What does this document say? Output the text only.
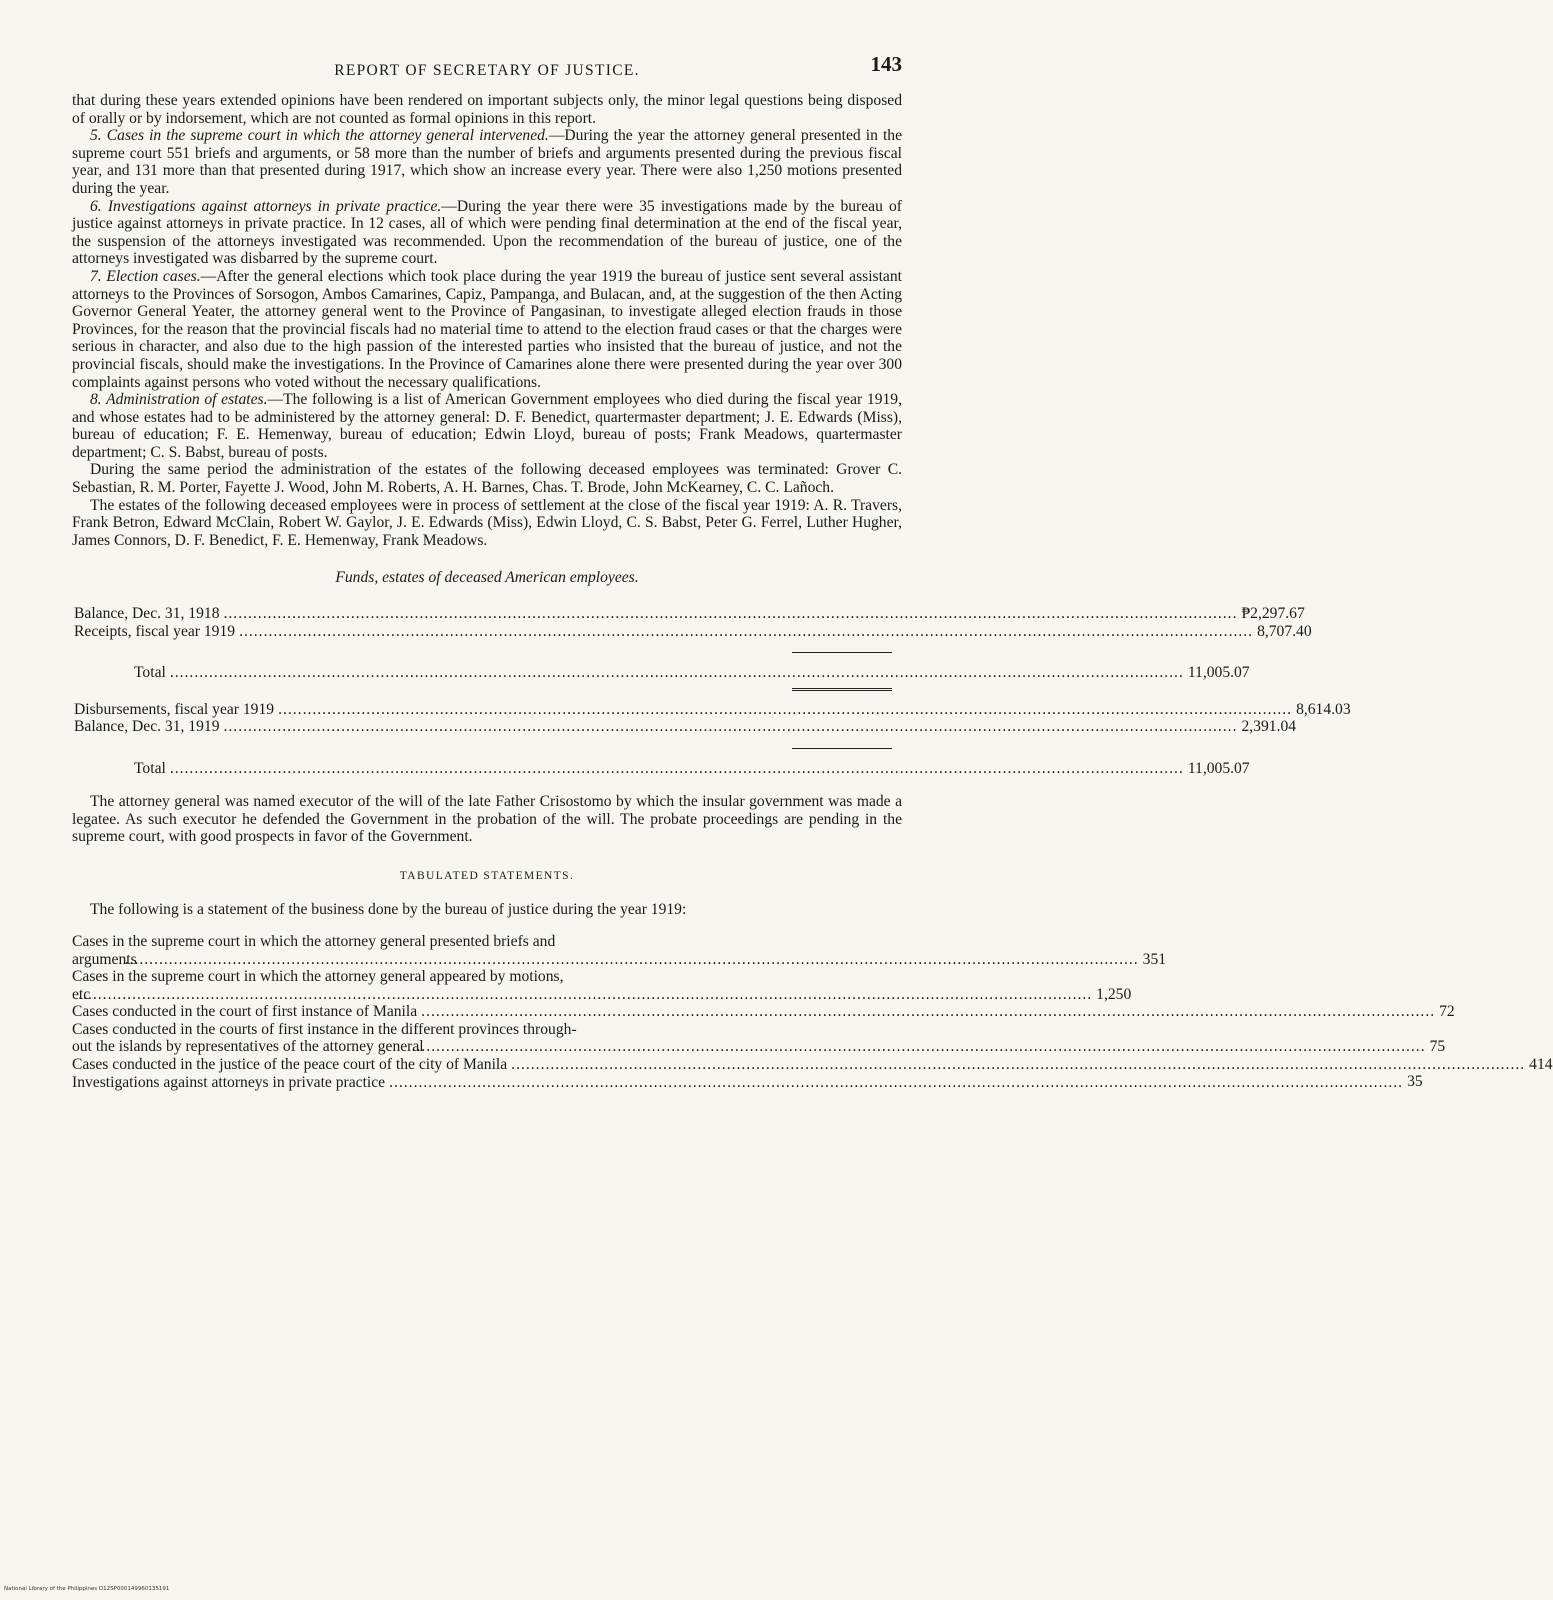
REPORT OF SECRETARY OF JUSTICE.	143

that during these years extended opinions have been rendered on important subjects only, the minor legal questions being disposed of orally or by indorsement, which are not counted as formal opinions in this report.

5. Cases in the supreme court in which the attorney general intervened.—During the year the attorney general presented in the supreme court 551 briefs and arguments, or 58 more than the number of briefs and arguments presented during the previous fiscal year, and 131 more than that presented during 1917, which show an increase every year. There were also 1,250 motions presented during the year.

6. Investigations against attorneys in private practice.—During the year there were 35 investigations made by the bureau of justice against attorneys in private practice. In 12 cases, all of which were pending final determination at the end of the fiscal year, the suspension of the attorneys investigated was recommended. Upon the recommendation of the bureau of justice, one of the attorneys investigated was disbarred by the supreme court.

7. Election cases.—After the general elections which took place during the year 1919 the bureau of justice sent several assistant attorneys to the Provinces of Sorsogon, Ambos Camarines, Capiz, Pampanga, and Bulacan, and, at the suggestion of the then Acting Governor General Yeater, the attorney general went to the Province of Pangasinan, to investigate alleged election frauds in those Provinces, for the reason that the provincial fiscals had no material time to attend to the election fraud cases or that the charges were serious in character, and also due to the high passion of the interested parties who insisted that the bureau of justice, and not the provincial fiscals, should make the investigations. In the Province of Camarines alone there were presented during the year over 300 complaints against persons who voted without the necessary qualifications.

8. Administration of estates.—The following is a list of American Government employees who died during the fiscal year 1919, and whose estates had to be administered by the attorney general: D. F. Benedict, quartermaster department; J. E. Edwards (Miss), bureau of education; F. E. Hemenway, bureau of education; Edwin Lloyd, bureau of posts; Frank Meadows, quartermaster department; C. S. Babst, bureau of posts.

During the same period the administration of the estates of the following deceased employees was terminated: Grover C. Sebastian, R. M. Porter, Fayette J. Wood, John M. Roberts, A. H. Barnes, Chas. T. Brode, John McKearney, C. C. Lañoch.

The estates of the following deceased employees were in process of settlement at the close of the fiscal year 1919: A. R. Travers, Frank Betron, Edward McClain, Robert W. Gaylor, J. E. Edwards (Miss), Edwin Lloyd, C. S. Babst, Peter G. Ferrel, Luther Hugher, James Connors, D. F. Benedict, F. E. Hemenway, Frank Meadows.

Funds, estates of deceased American employees.
Balance, Dec. 31, 1918 .....	₱2,297.67
Receipts, fiscal year 1919 .....	8,707.40
Total .....	11,005.07
Disbursements, fiscal year 1919 .....	8,614.03
Balance, Dec. 31, 1919 .....	2,391.04
Total .....	11,005.07

The attorney general was named executor of the will of the late Father Crisostomo by which the insular government was made a legatee. As such executor he defended the Government in the probation of the will. The probate proceedings are pending in the supreme court, with good prospects in favor of the Government.

TABULATED STATEMENTS.

The following is a statement of the business done by the bureau of justice during the year 1919:

Cases in the supreme court in which the attorney general presented briefs and

arguments .....	351
Cases in the supreme court in which the attorney general appeared by motions,

etc .....	1,250
Cases conducted in the court of first instance of Manila .....	72
Cases conducted in the courts of first instance in the different provinces through-

out the islands by representatives of the attorney general .....	75
Cases conducted in the justice of the peace court of the city of Manila .....	414
Investigations against attorneys in private practice .....	35
National Library of the Philippines D12SP000149960135191
